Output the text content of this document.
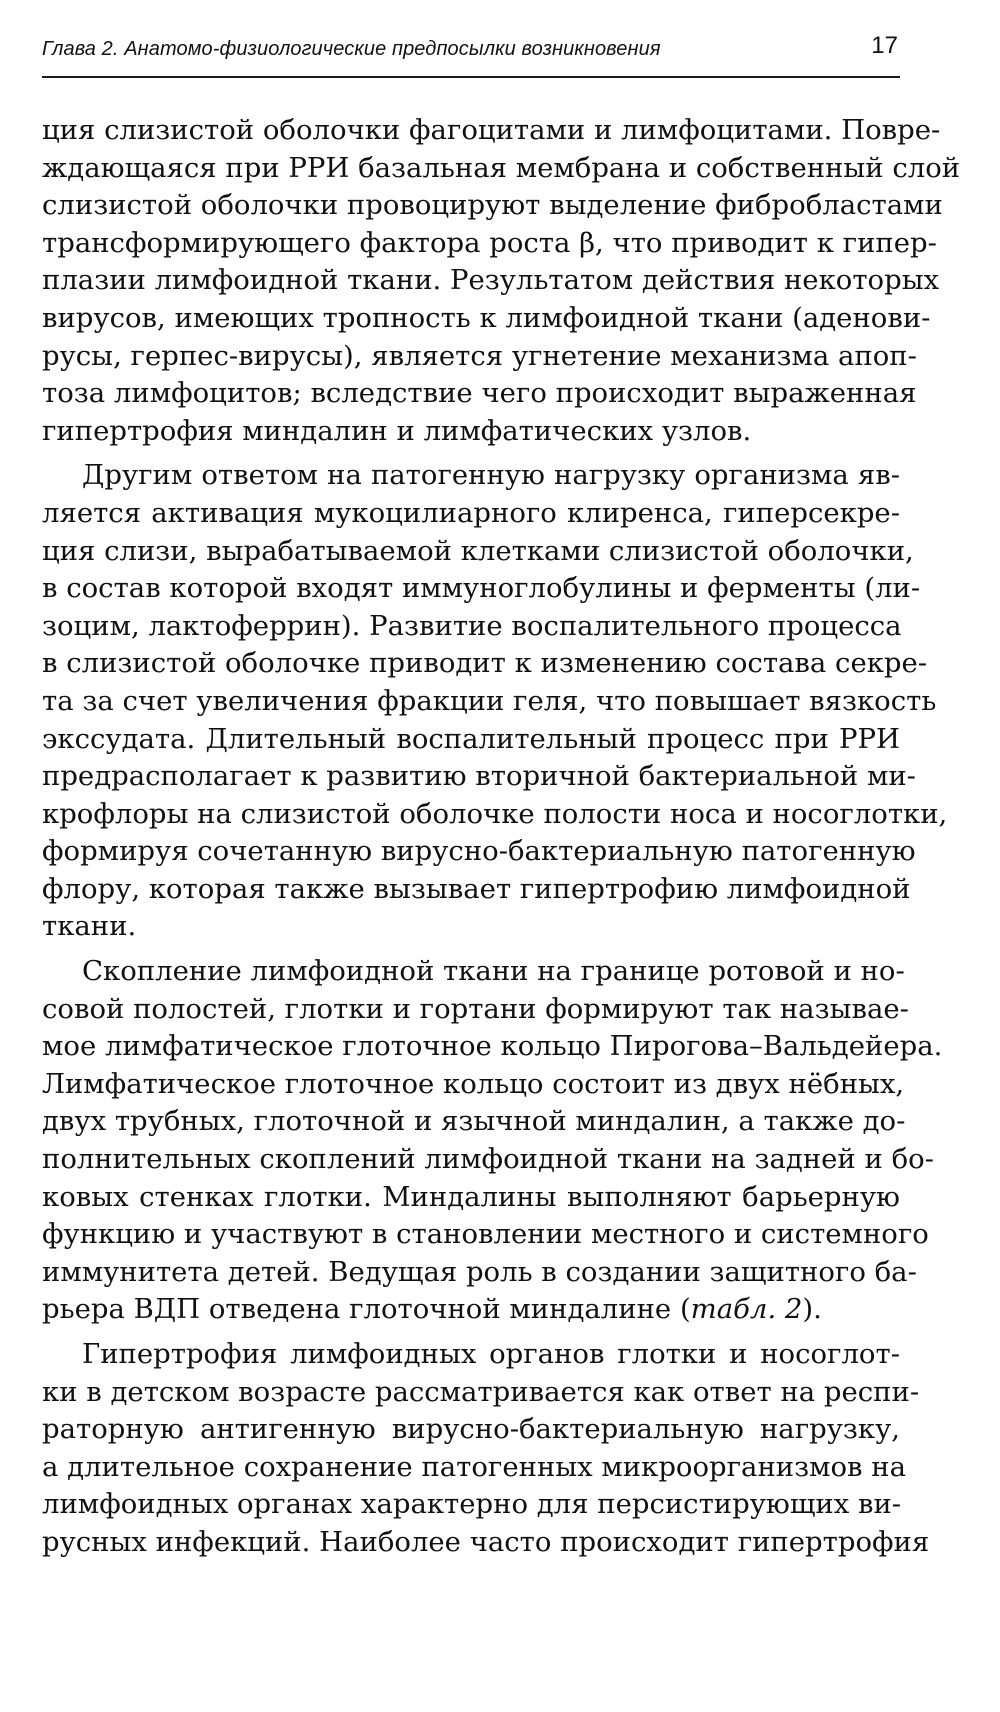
Глава 2. Анатомо-физиологические предпосылки возникновения	17
ция слизистой оболочки фагоцитами и лимфоцитами. Повре-
ждающаяся при РРИ базальная мембрана и собственный слой
слизистой оболочки провоцируют выделение фибробластами
трансформирующего фактора роста β, что приводит к гипер-
плазии лимфоидной ткани. Результатом действия некоторых
вирусов, имеющих тропность к лимфоидной ткани (аденови-
русы, герпес-вирусы), является угнетение механизма апоп-
тоза лимфоцитов; вследствие чего происходит выраженная
гипертрофия миндалин и лимфатических узлов.
Другим ответом на патогенную нагрузку организма яв-
ляется активация мукоцилиарного клиренса, гиперсекре-
ция слизи, вырабатываемой клетками слизистой оболочки,
в состав которой входят иммуноглобулины и ферменты (ли-
зоцим, лактоферрин). Развитие воспалительного процесса
в слизистой оболочке приводит к изменению состава секре-
та за счет увеличения фракции геля, что повышает вязкость
экссудата. Длительный воспалительный процесс при РРИ
предрасполагает к развитию вторичной бактериальной ми-
крофлоры на слизистой оболочке полости носа и носоглотки,
формируя сочетанную вирусно-бактериальную патогенную
флору, которая также вызывает гипертрофию лимфоидной
ткани.
Скопление лимфоидной ткани на границе ротовой и но-
совой полостей, глотки и гортани формируют так называе-
мое лимфатическое глоточное кольцо Пирогова–Вальдейера.
Лимфатическое глоточное кольцо состоит из двух нёбных,
двух трубных, глоточной и язычной миндалин, а также до-
полнительных скоплений лимфоидной ткани на задней и бо-
ковых стенках глотки. Миндалины выполняют барьерную
функцию и участвуют в становлении местного и системного
иммунитета детей. Ведущая роль в создании защитного ба-
рьера ВДП отведена глоточной миндалине (табл. 2).
Гипертрофия лимфоидных органов глотки и носоглот-
ки в детском возрасте рассматривается как ответ на респи-
раторную антигенную вирусно-бактериальную нагрузку,
а длительное сохранение патогенных микроорганизмов на
лимфоидных органах характерно для персистирующих ви-
русных инфекций. Наиболее часто происходит гипертрофия
